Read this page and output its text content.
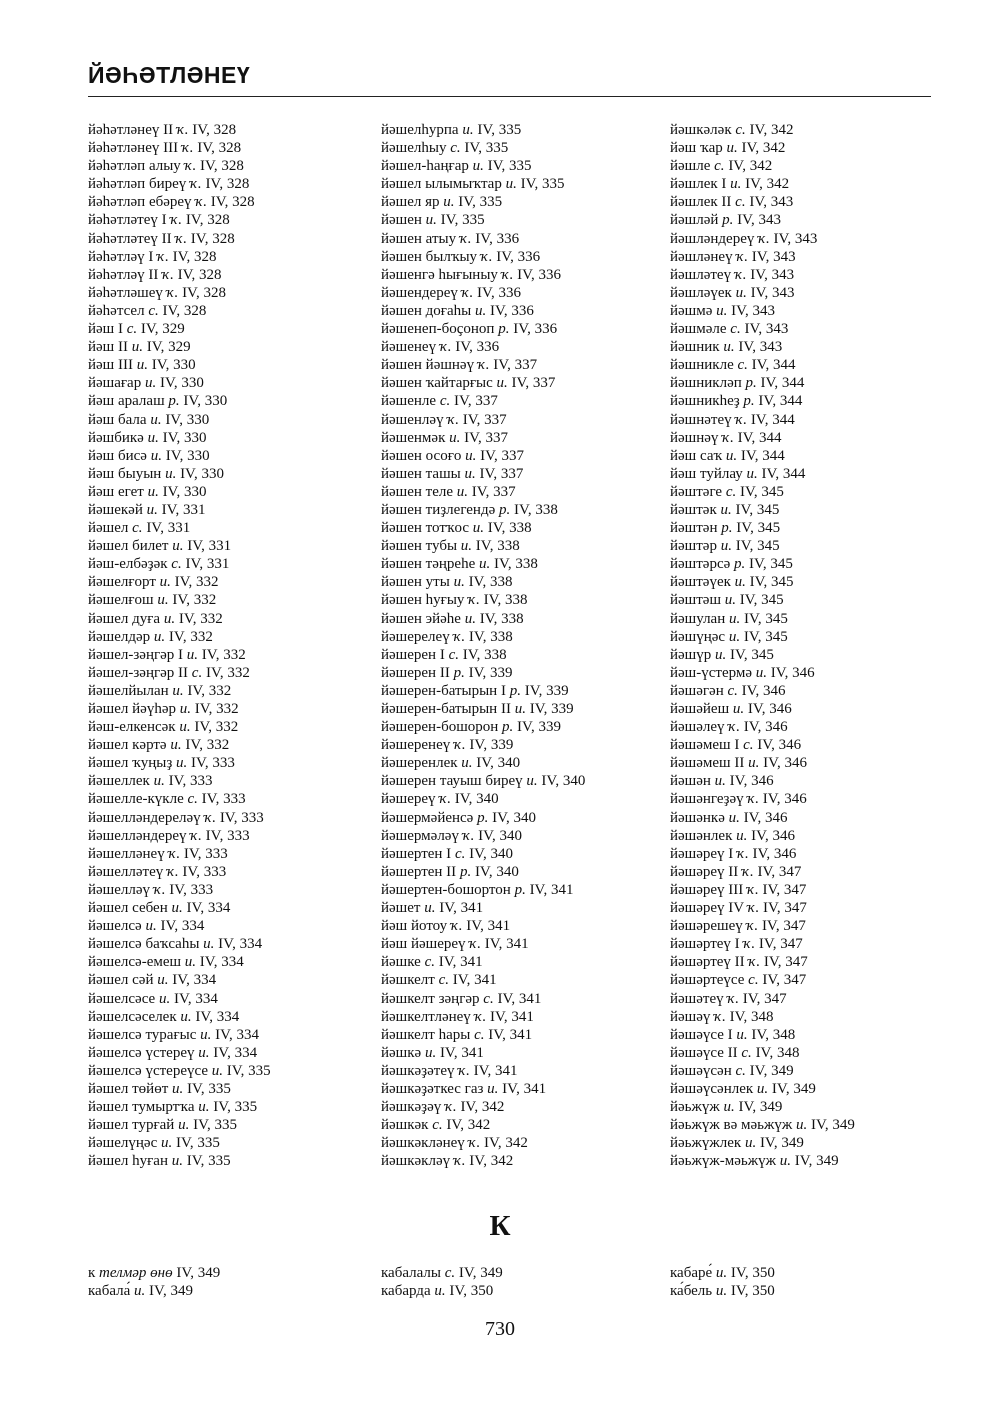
ЙӘҺӘТЛӘНЕҮ
йәһәтләнеү II ҡ. IV, 328
йәһәтләнеү III ҡ. IV, 328
йәһәтләп алыу ҡ. IV, 328
йәһәтләп биреү ҡ. IV, 328
йәһәтләп ебәреү ҡ. IV, 328
йәһәтләтеү I ҡ. IV, 328
йәһәтләтеү II ҡ. IV, 328
йәһәтләү I ҡ. IV, 328
йәһәтләү II ҡ. IV, 328
йәһәтләшеү ҡ. IV, 328
йәһәтсел с. IV, 328
йәш I с. IV, 329
йәш II и. IV, 329
йәш III и. IV, 330
йәшағар и. IV, 330
йәш аралаш р. IV, 330
йәш бала и. IV, 330
йәшбикә и. IV, 330
йәш бисә и. IV, 330
йәш быуын и. IV, 330
йәш егет и. IV, 330
йәшекәй и. IV, 331
йәшел с. IV, 331
йәшел билет и. IV, 331
йәш-елбәҙәк с. IV, 331
йәшелғорт и. IV, 332
йәшелғош и. IV, 332
йәшел дуға и. IV, 332
йәшелдәр и. IV, 332
йәшел-зәңгәр I и. IV, 332
йәшел-зәңгәр II с. IV, 332
йәшелйылан и. IV, 332
йәшел йәүһәр и. IV, 332
йәш-елкенсәк и. IV, 332
йәшел кәртә и. IV, 332
йәшел ҡуңыҙ и. IV, 333
йәшеллек и. IV, 333
йәшелле-күкле с. IV, 333
йәшелләндереләү ҡ. IV, 333
йәшелләндереү ҡ. IV, 333
йәшелләнеү ҡ. IV, 333
йәшелләтеү ҡ. IV, 333
йәшелләү ҡ. IV, 333
йәшел себен и. IV, 334
йәшелсә и. IV, 334
йәшелсә баҡсаһы и. IV, 334
йәшелсә-емеш и. IV, 334
йәшел сәй и. IV, 334
йәшелсәсе и. IV, 334
йәшелсәселек и. IV, 334
йәшелсә турағыс и. IV, 334
йәшелсә үстереү и. IV, 334
йәшелсә үстереүсе и. IV, 335
йәшел төйөт и. IV, 335
йәшел тумыртҡа и. IV, 335
йәшел турғай и. IV, 335
йәшелүңәс и. IV, 335
йәшел һуған и. IV, 335
йәшелһурпа и. IV, 335
йәшелһыу с. IV, 335
йәшел-һаңғар и. IV, 335
йәшел ылымыҡтар и. IV, 335
йәшел яр и. IV, 335
йәшен и. IV, 335
йәшен атыу ҡ. IV, 336
йәшен былҡыу ҡ. IV, 336
йәшенгә һығыныу ҡ. IV, 336
йәшендереү ҡ. IV, 336
йәшен доғаһы и. IV, 336
йәшенеп-боҫоноп р. IV, 336
йәшенеү ҡ. IV, 336
йәшен йәшнәү ҡ. IV, 337
йәшен ҡайтарғыс и. IV, 337
йәшенле с. IV, 337
йәшенләү ҡ. IV, 337
йәшенмәк и. IV, 337
йәшен осоғо и. IV, 337
йәшен ташы и. IV, 337
йәшен теле и. IV, 337
йәшен тиҙлегендә р. IV, 338
йәшен тотҡос и. IV, 338
йәшен тубы и. IV, 338
йәшен тәңреһе и. IV, 338
йәшен уты и. IV, 338
йәшен һуғыу ҡ. IV, 338
йәшен эйәһе и. IV, 338
йәшерелеү ҡ. IV, 338
йәшерен I с. IV, 338
йәшерен II р. IV, 339
йәшерен-батырын I р. IV, 339
йәшерен-батырын II и. IV, 339
йәшерен-бошорон р. IV, 339
йәшеренеү ҡ. IV, 339
йәшеренлек и. IV, 340
йәшерен тауыш биреү и. IV, 340
йәшереү ҡ. IV, 340
йәшермәйенсә р. IV, 340
йәшермәләү ҡ. IV, 340
йәшертен I с. IV, 340
йәшертен II р. IV, 340
йәшертен-бошортон р. IV, 341
йәшет и. IV, 341
йәш йотоу ҡ. IV, 341
йәш йәшереү ҡ. IV, 341
йәшке с. IV, 341
йәшкелт с. IV, 341
йәшкелт зәңгәр с. IV, 341
йәшкелтләнеү ҡ. IV, 341
йәшкелт һары с. IV, 341
йәшкә и. IV, 341
йәшкәҙәтеү ҡ. IV, 341
йәшкәҙәткес газ и. IV, 341
йәшкәҙәү ҡ. IV, 342
йәшкәк с. IV, 342
йәшкәкләнеү ҡ. IV, 342
йәшкәкләү ҡ. IV, 342
йәшкәләк с. IV, 342
йәш ҡар и. IV, 342
йәшле с. IV, 342
йәшлек I и. IV, 342
йәшлек II с. IV, 343
йәшләй р. IV, 343
йәшләндереү ҡ. IV, 343
йәшләнеү ҡ. IV, 343
йәшләтеү ҡ. IV, 343
йәшләүек и. IV, 343
йәшмә и. IV, 343
йәшмәле с. IV, 343
йәшник и. IV, 343
йәшникле с. IV, 344
йәшникләп р. IV, 344
йәшникһеҙ р. IV, 344
йәшнәтеү ҡ. IV, 344
йәшнәү ҡ. IV, 344
йәш саҡ и. IV, 344
йәш туйлау и. IV, 344
йәштәге с. IV, 345
йәштәк и. IV, 345
йәштән р. IV, 345
йәштәр и. IV, 345
йәштәрсә р. IV, 345
йәштәүек и. IV, 345
йәштәш и. IV, 345
йәшулан и. IV, 345
йәшүңәс и. IV, 345
йәшүр и. IV, 345
йәш-үстермә и. IV, 346
йәшәгән с. IV, 346
йәшәйеш и. IV, 346
йәшәлеү ҡ. IV, 346
йәшәмеш I с. IV, 346
йәшәмеш II и. IV, 346
йәшән и. IV, 346
йәшәнгеҙәү ҡ. IV, 346
йәшәнкә и. IV, 346
йәшәнлек и. IV, 346
йәшәреү I ҡ. IV, 346
йәшәреү II ҡ. IV, 347
йәшәреү III ҡ. IV, 347
йәшәреү IV ҡ. IV, 347
йәшәрешеү ҡ. IV, 347
йәшәртеү I ҡ. IV, 347
йәшәртеү II ҡ. IV, 347
йәшәртеүсе с. IV, 347
йәшәтеү ҡ. IV, 347
йәшәү ҡ. IV, 348
йәшәүсе I и. IV, 348
йәшәүсе II с. IV, 348
йәшәүсән с. IV, 349
йәшәүсәнлек и. IV, 349
йәьжүж и. IV, 349
йәьжүж вә мәьжүж и. IV, 349
йәьжүжлек и. IV, 349
йәьжүж-мәьжүж и. IV, 349
К
к телмәр өнө IV, 349
кабала́ и. IV, 349
кабалалы с. IV, 349
кабарда и. IV, 350
кабаре́ и. IV, 350
ка́бель и. IV, 350
730
